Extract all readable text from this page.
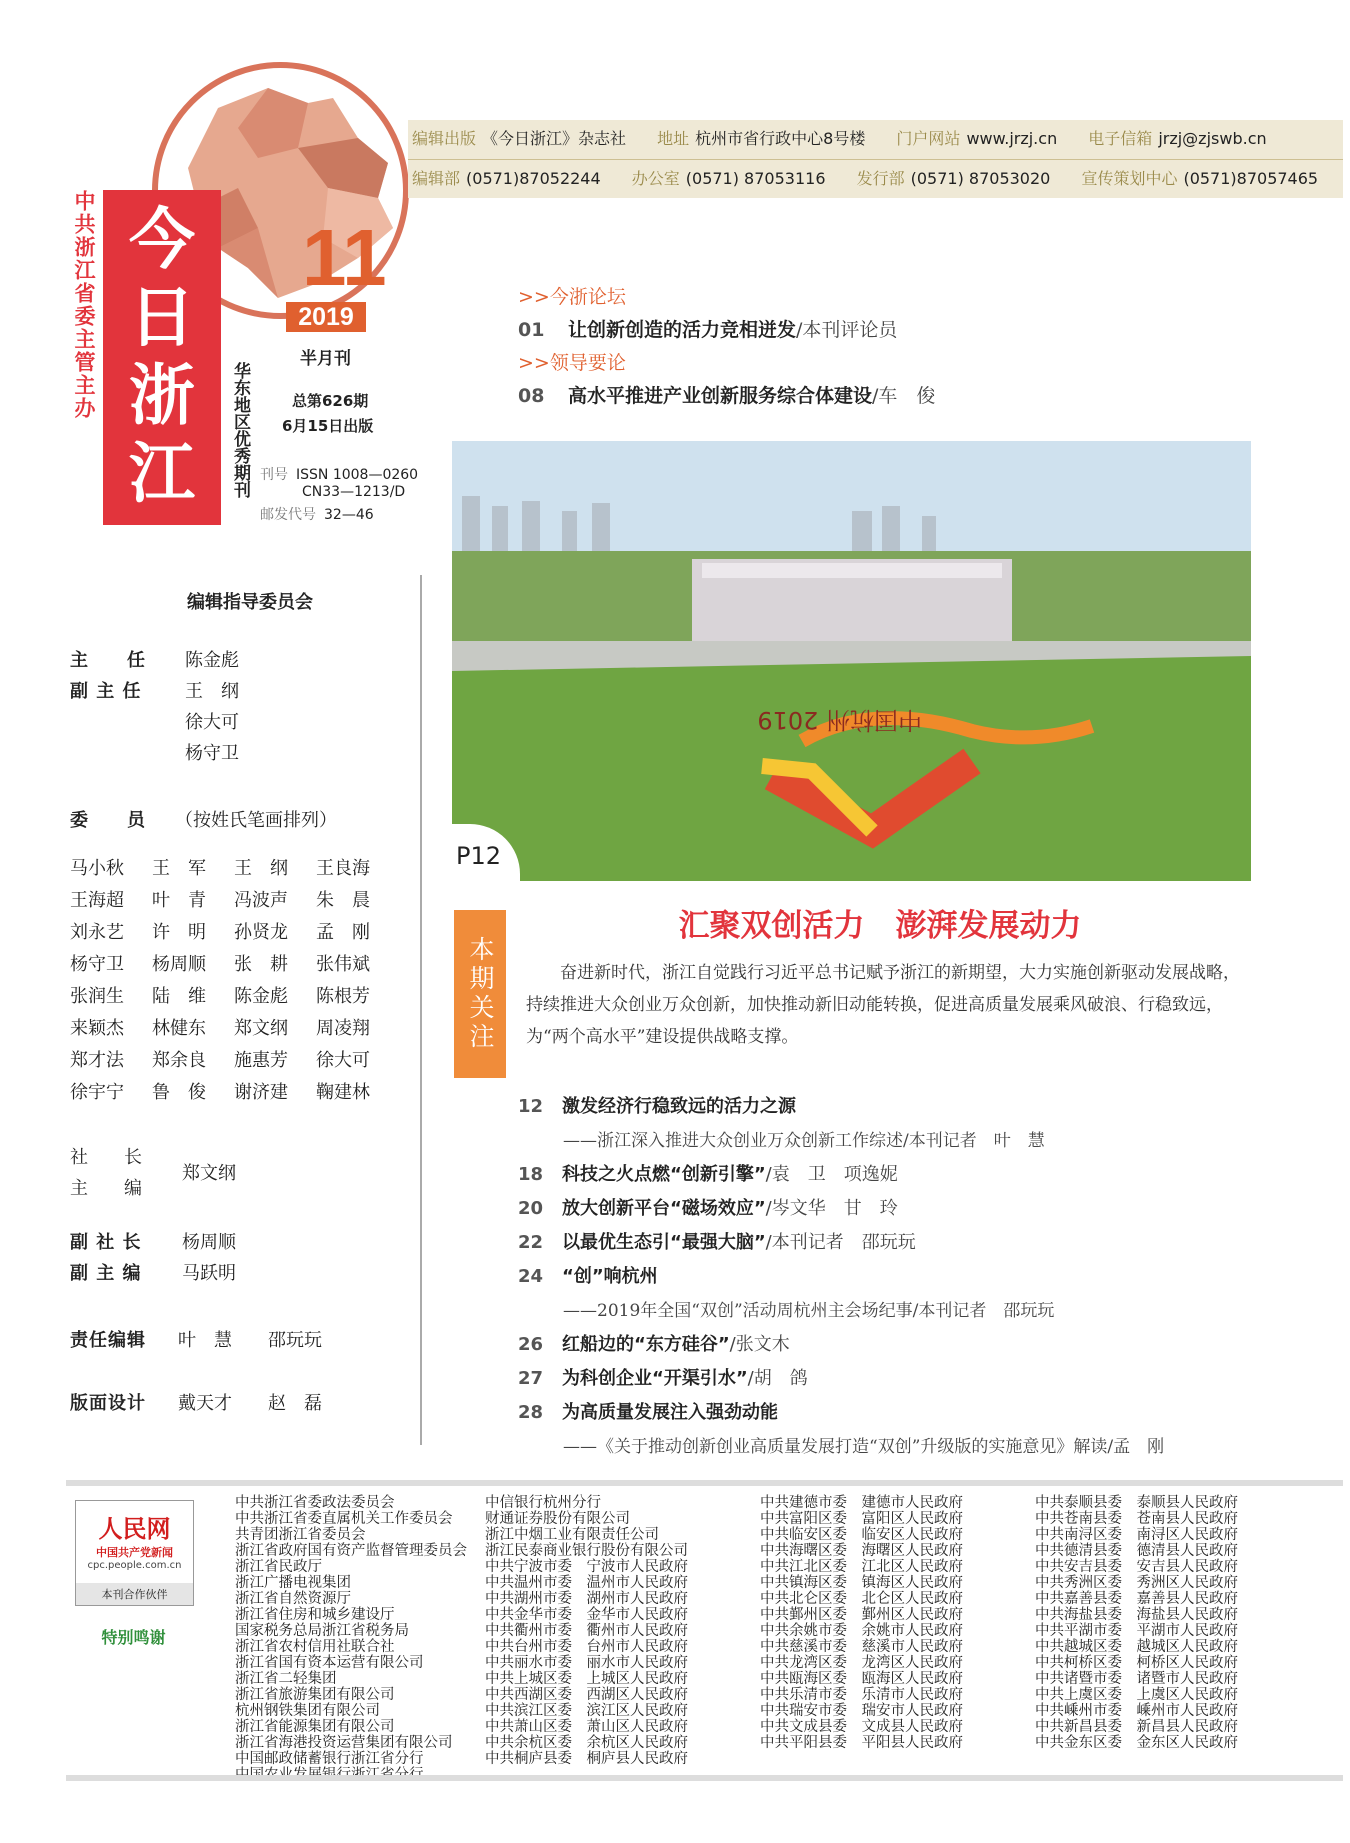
今
日
浙
江
中共浙江省委主管主办	11
2019
半月刊
华东地区优秀期刊	总第626期
6月15日出版
刊号 ISSN 1008—0260
CN33—1213/D
邮发代号 32—46
编辑出版 《今日浙江》杂志社 地址 杭州市省行政中心8号楼 门户网站 www.jrzj.cn 电子信箱 jrzj@zjswb.cn
编辑部 (0571)87052244 办公室 (0571) 87053116 发行部 (0571) 87053020 宣传策划中心 (0571)87057465
>>今浙论坛
01 让创新创造的活力竞相迸发/本刊评论员
>>领导要论
08 高水平推进产业创新服务综合体建设/车　俊
中国杭州 2019
P12
本期关注
汇聚双创活力　澎湃发展动力
奋进新时代，浙江自觉践行习近平总书记赋予浙江的新期望，大力实施创新驱动发展战略，持续推进大众创业万众创新，加快推动新旧动能转换，促进高质量发展乘风破浪、行稳致远，为“两个高水平”建设提供战略支撑。
12 激发经济行稳致远的活力之源
——浙江深入推进大众创业万众创新工作综述/本刊记者　叶　慧
18 科技之火点燃“创新引擎”/袁　卫　项逸妮
20 放大创新平台“磁场效应”/岑文华　甘　玲
22 以最优生态引“最强大脑”/本刊记者　邵玩玩
24 “创”响杭州
——2019年全国“双创”活动周杭州主会场纪事/本刊记者　邵玩玩
26 红船边的“东方硅谷”/张文木
27 为科创企业“开渠引水”/胡　鸽
28 为高质量发展注入强劲动能
——《关于推动创新创业高质量发展打造“双创”升级版的实施意见》解读/孟　刚
编辑指导委员会
主　　任 陈金彪
副 主 任 王　纲
徐大可
杨守卫
委　　员 （按姓氏笔画排列）
马小秋 王　军 王　纲 王良海
王海超 叶　青 冯波声 朱　晨
刘永艺 许　明 孙贤龙 孟　刚
杨守卫 杨周顺 张　耕 张伟斌
张润生 陆　维 陈金彪 陈根芳
来颖杰 林健东 郑文纲 周凌翔
郑才法 郑余良 施惠芳 徐大可
徐宇宁 鲁　俊 谢济建 鞠建林
社　　长
主　　编
郑文纲
副 社 长 杨周顺
副 主 编 马跃明
责任编辑 叶　慧　　邵玩玩
版面设计 戴天才　　赵　磊
人民网
中国共产党新闻
cpc.people.com.cn
本刊合作伙伴
特别鸣谢
中共浙江省委政法委员会
中共浙江省委直属机关工作委员会
共青团浙江省委员会
浙江省政府国有资产监督管理委员会
浙江省民政厅
浙江广播电视集团
浙江省自然资源厅
浙江省住房和城乡建设厅
国家税务总局浙江省税务局
浙江省农村信用社联合社
浙江省国有资本运营有限公司
浙江省二轻集团
浙江省旅游集团有限公司
杭州钢铁集团有限公司
浙江省能源集团有限公司
浙江省海港投资运营集团有限公司
中国邮政储蓄银行浙江省分行
中信银行杭州分行
财通证券股份有限公司
浙江中烟工业有限责任公司
浙江民泰商业银行股份有限公司
中共宁波市委　宁波市人民政府
中共温州市委　温州市人民政府
中共湖州市委　湖州市人民政府
中共金华市委　金华市人民政府
中共衢州市委　衢州市人民政府
中共台州市委　台州市人民政府
中共丽水市委　丽水市人民政府
中共上城区委　上城区人民政府
中共西湖区委　西湖区人民政府
中共滨江区委　滨江区人民政府
中共萧山区委　萧山区人民政府
中共余杭区委　余杭区人民政府
中共桐庐县委　桐庐县人民政府
中共建德市委　建德市人民政府
中共富阳区委　富阳区人民政府
中共临安区委　临安区人民政府
中共海曙区委　海曙区人民政府
中共江北区委　江北区人民政府
中共镇海区委　镇海区人民政府
中共北仑区委　北仑区人民政府
中共鄞州区委　鄞州区人民政府
中共余姚市委　余姚市人民政府
中共慈溪市委　慈溪市人民政府
中共龙湾区委　龙湾区人民政府
中共瓯海区委　瓯海区人民政府
中共乐清市委　乐清市人民政府
中共瑞安市委　瑞安市人民政府
中共文成县委　文成县人民政府
中共平阳县委　平阳县人民政府
中共泰顺县委　泰顺县人民政府
中共苍南县委　苍南县人民政府
中共南浔区委　南浔区人民政府
中共德清县委　德清县人民政府
中共安吉县委　安吉县人民政府
中共秀洲区委　秀洲区人民政府
中共嘉善县委　嘉善县人民政府
中共海盐县委　海盐县人民政府
中共平湖市委　平湖市人民政府
中共越城区委　越城区人民政府
中共柯桥区委　柯桥区人民政府
中共诸暨市委　诸暨市人民政府
中共上虞区委　上虞区人民政府
中共嵊州市委　嵊州市人民政府
中共新昌县委　新昌县人民政府
中共金东区委　金东区人民政府
